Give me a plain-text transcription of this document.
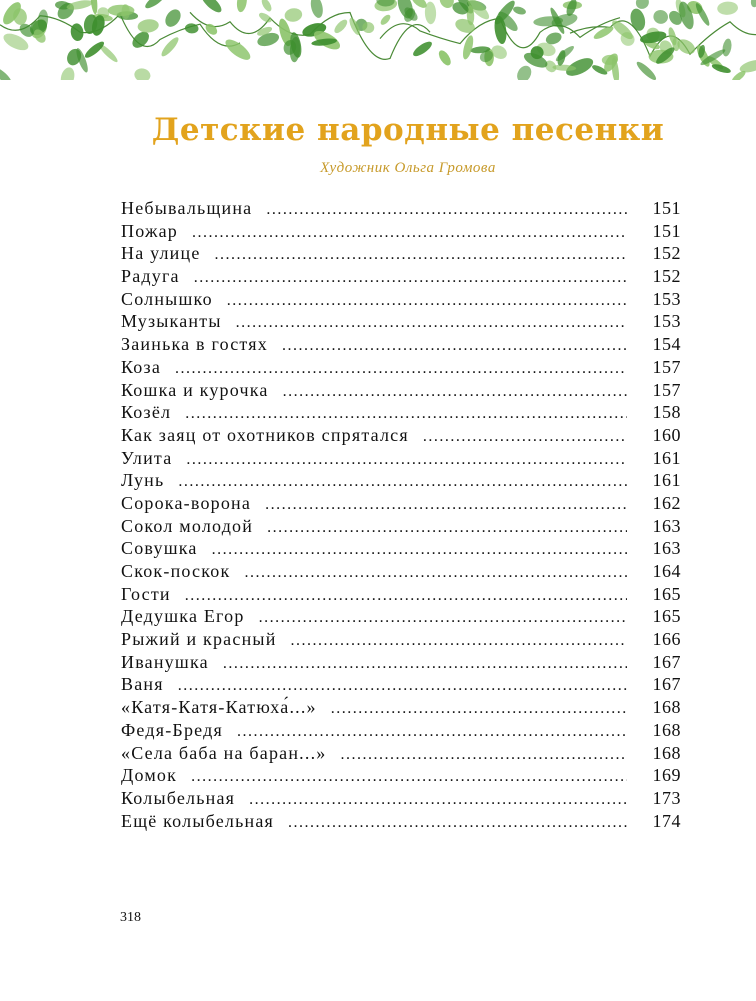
Детские народные песенки
Художник Ольга Громова
Небывальщина .....	151
Пожар .....	151
На улице .....	152
Радуга .....	152
Солнышко .....	153
Музыканты .....	153
Заинька в гостях .....	154
Коза .....	157
Кошка и курочка .....	157
Козёл .....	158
Как заяц от охотников спрятался .....	160
Улита .....	161
Лунь .....	161
Сорока-ворона .....	162
Сокол молодой .....	163
Совушка .....	163
Скок-поскок .....	164
Гости .....	165
Дедушка Егор .....	165
Рыжий и красный .....	166
Иванушка .....	167
Ваня .....	167
«Катя-Катя-Катюха́...» .....	168
Федя-Бредя .....	168
«Села баба на баран...» .....	168
Домок .....	169
Колыбельная .....	173
Ещё колыбельная .....	174
318
